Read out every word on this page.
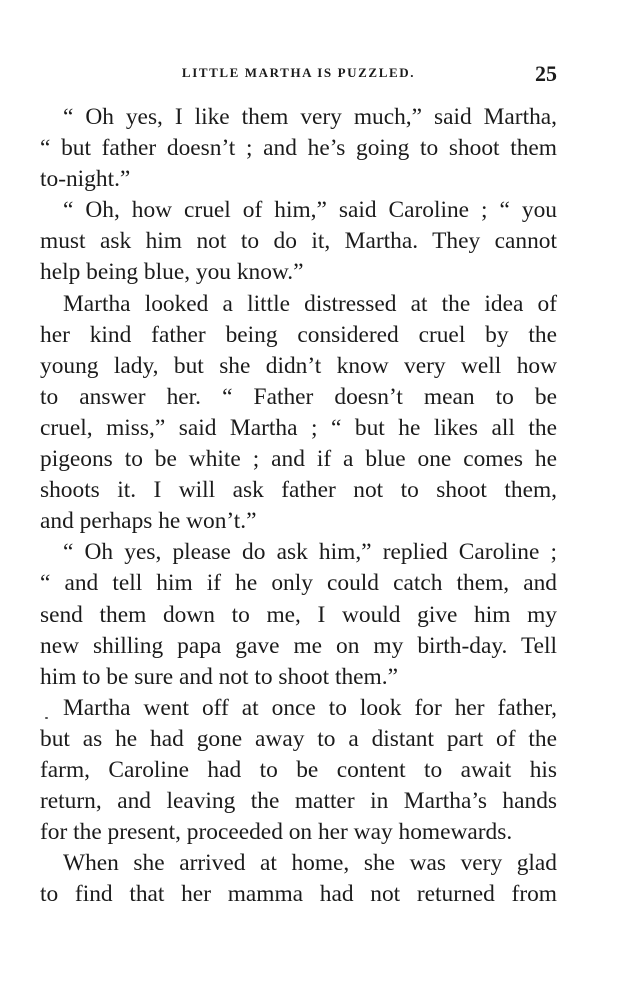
LITTLE MARTHA IS PUZZLED.	25
“ Oh yes, I like them very much,” said Martha,
“ but father doesn’t ; and he’s going to shoot them
to-night.”
“ Oh, how cruel of him,” said Caroline ; “ you
must ask him not to do it, Martha. They cannot
help being blue, you know.”
Martha looked a little distressed at the idea of
her kind father being considered cruel by the
young lady, but she didn’t know very well how
to answer her. “ Father doesn’t mean to be
cruel, miss,” said Martha ; “ but he likes all the
pigeons to be white ; and if a blue one comes he
shoots it. I will ask father not to shoot them,
and perhaps he won’t.”
“ Oh yes, please do ask him,” replied Caroline ;
“ and tell him if he only could catch them, and
send them down to me, I would give him my
new shilling papa gave me on my birth-day. Tell
him to be sure and not to shoot them.”
Martha went off at once to look for her father,
but as he had gone away to a distant part of the
farm, Caroline had to be content to await his
return, and leaving the matter in Martha’s hands
for the present, proceeded on her way homewards.
When she arrived at home, she was very glad
to find that her mamma had not returned from
